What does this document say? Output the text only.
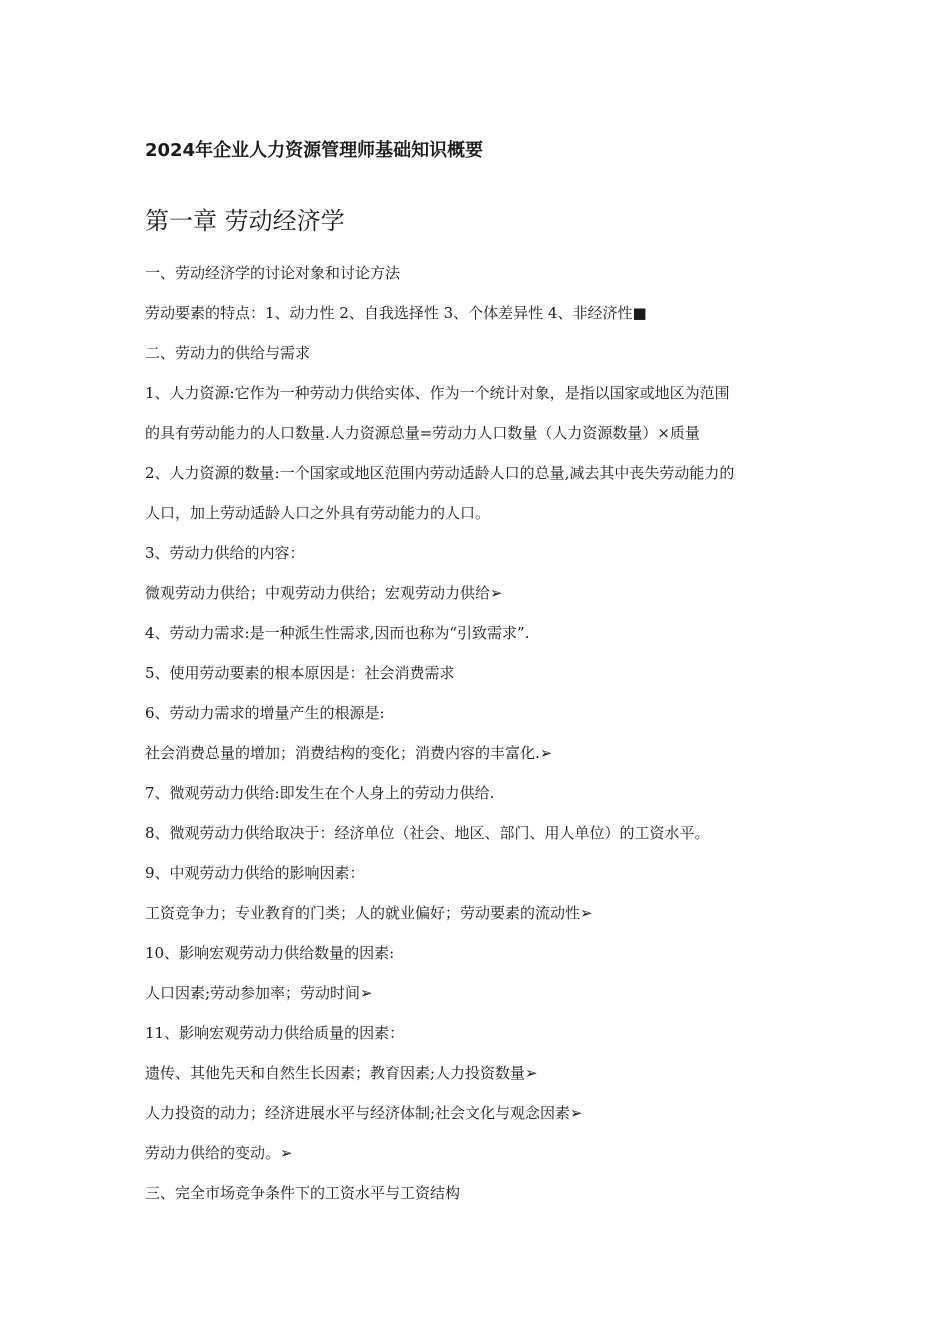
2024年企业人力资源管理师基础知识概要
第一章 劳动经济学
一、劳动经济学的讨论对象和讨论方法
劳动要素的特点：1、动力性 2、自我选择性 3、个体差异性 4、非经济性■
二、劳动力的供给与需求
1、人力资源:它作为一种劳动力供给实体、作为一个统计对象，是指以国家或地区为范围
的具有劳动能力的人口数量.人力资源总量=劳动力人口数量（人力资源数量）×质量
2、人力资源的数量:一个国家或地区范围内劳动适龄人口的总量,减去其中丧失劳动能力的
人口，加上劳动适龄人口之外具有劳动能力的人口。
3、劳动力供给的内容：
微观劳动力供给；中观劳动力供给；宏观劳动力供给➢
4、劳动力需求:是一种派生性需求,因而也称为“引致需求”.
5、使用劳动要素的根本原因是：社会消费需求
6、劳动力需求的增量产生的根源是:
社会消费总量的增加；消费结构的变化；消费内容的丰富化.➢
7、微观劳动力供给:即发生在个人身上的劳动力供给.
8、微观劳动力供给取决于：经济单位（社会、地区、部门、用人单位）的工资水平。
9、中观劳动力供给的影响因素：
工资竞争力；专业教育的门类；人的就业偏好；劳动要素的流动性➢
10、影响宏观劳动力供给数量的因素:
人口因素;劳动参加率；劳动时间➢
11、影响宏观劳动力供给质量的因素：
遗传、其他先天和自然生长因素；教育因素;人力投资数量➢
人力投资的动力；经济进展水平与经济体制;社会文化与观念因素➢
劳动力供给的变动。➢
三、完全市场竞争条件下的工资水平与工资结构
